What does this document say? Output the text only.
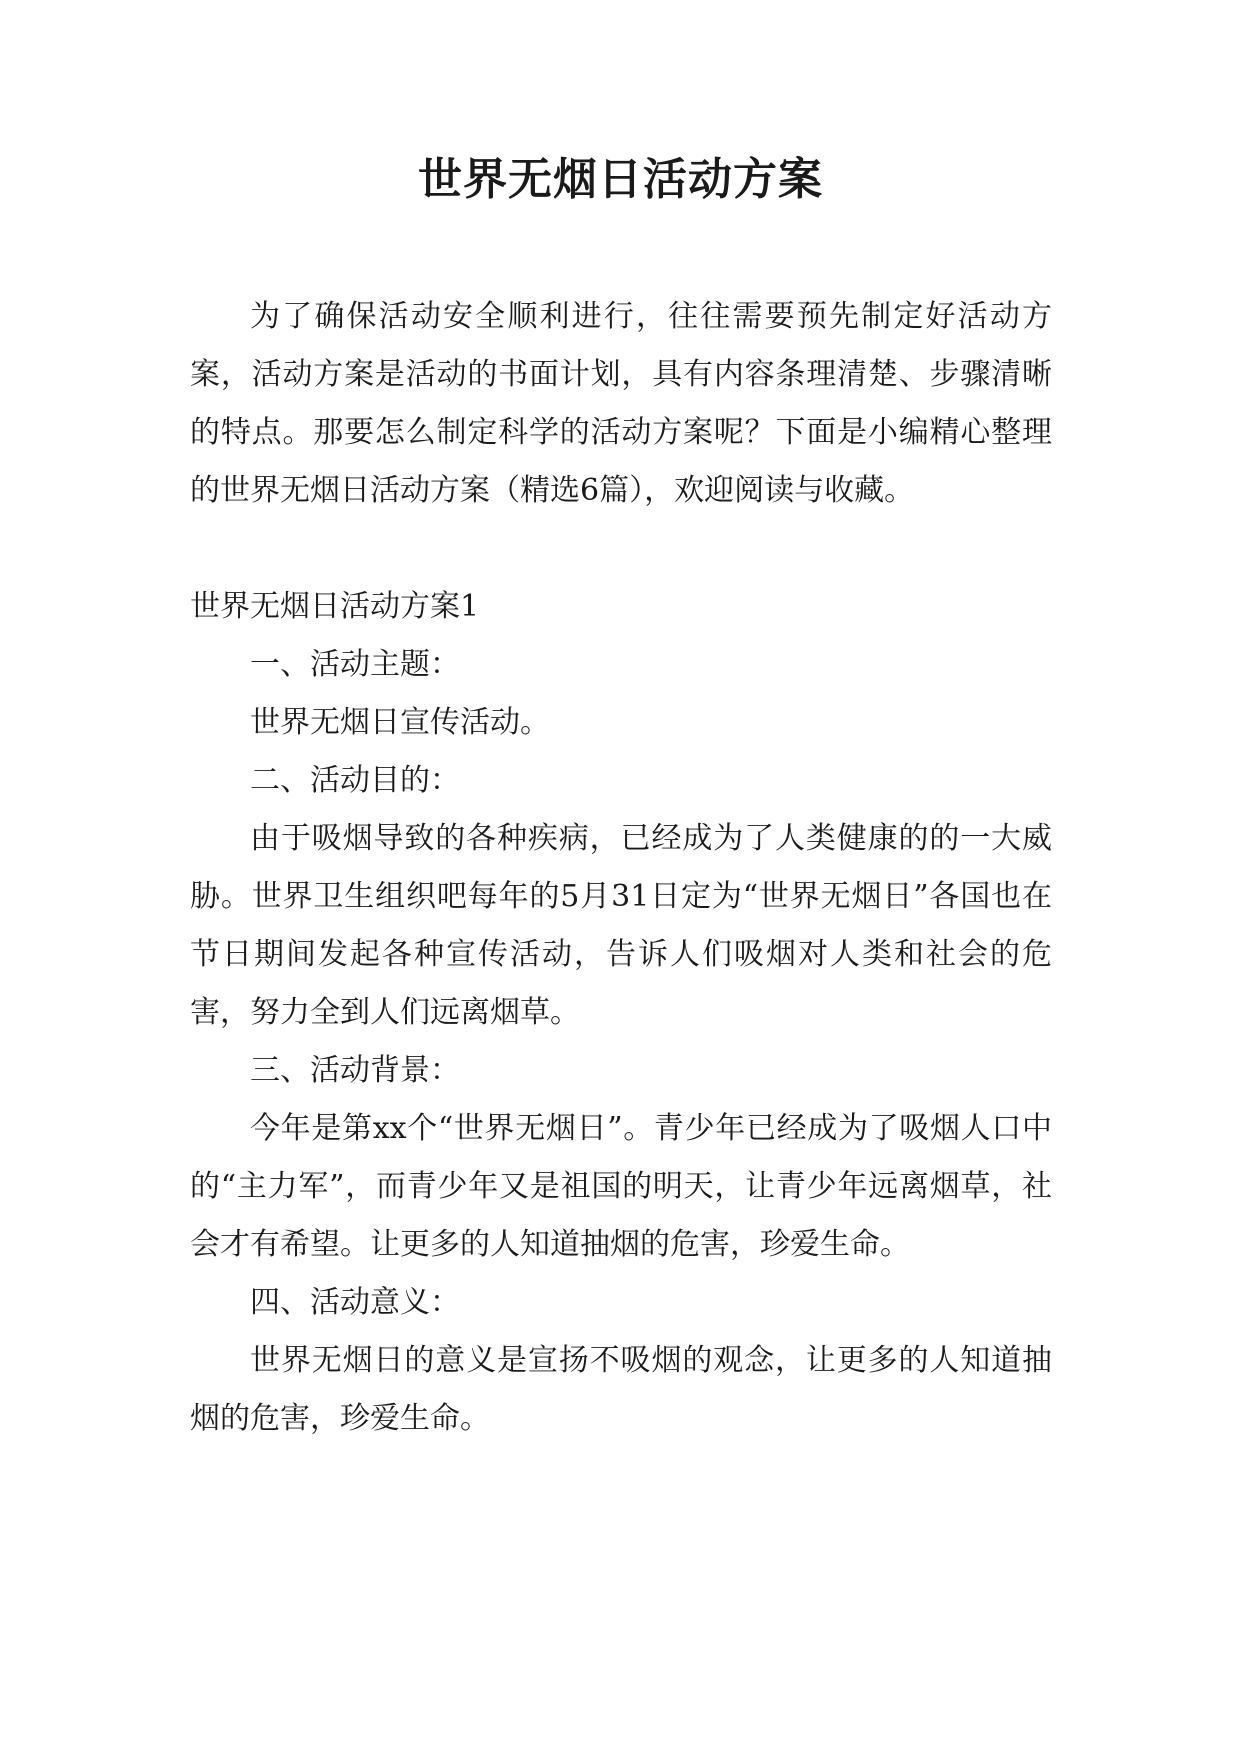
世界无烟日活动方案

为了确保活动安全顺利进行，往往需要预先制定好活动方案，活动方案是活动的书面计划，具有内容条理清楚、步骤清晰的特点。那要怎么制定科学的活动方案呢？下面是小编精心整理的世界无烟日活动方案（精选6篇），欢迎阅读与收藏。

世界无烟日活动方案1

一、活动主题：

世界无烟日宣传活动。

二、活动目的：

由于吸烟导致的各种疾病，已经成为了人类健康的的一大威胁。世界卫生组织吧每年的5月31日定为“世界无烟日”各国也在节日期间发起各种宣传活动，告诉人们吸烟对人类和社会的危害，努力全到人们远离烟草。

三、活动背景：

今年是第xx个“世界无烟日”。青少年已经成为了吸烟人口中的“主力军”，而青少年又是祖国的明天，让青少年远离烟草，社会才有希望。让更多的人知道抽烟的危害，珍爱生命。

四、活动意义：

世界无烟日的意义是宣扬不吸烟的观念，让更多的人知道抽烟的危害，珍爱生命。
